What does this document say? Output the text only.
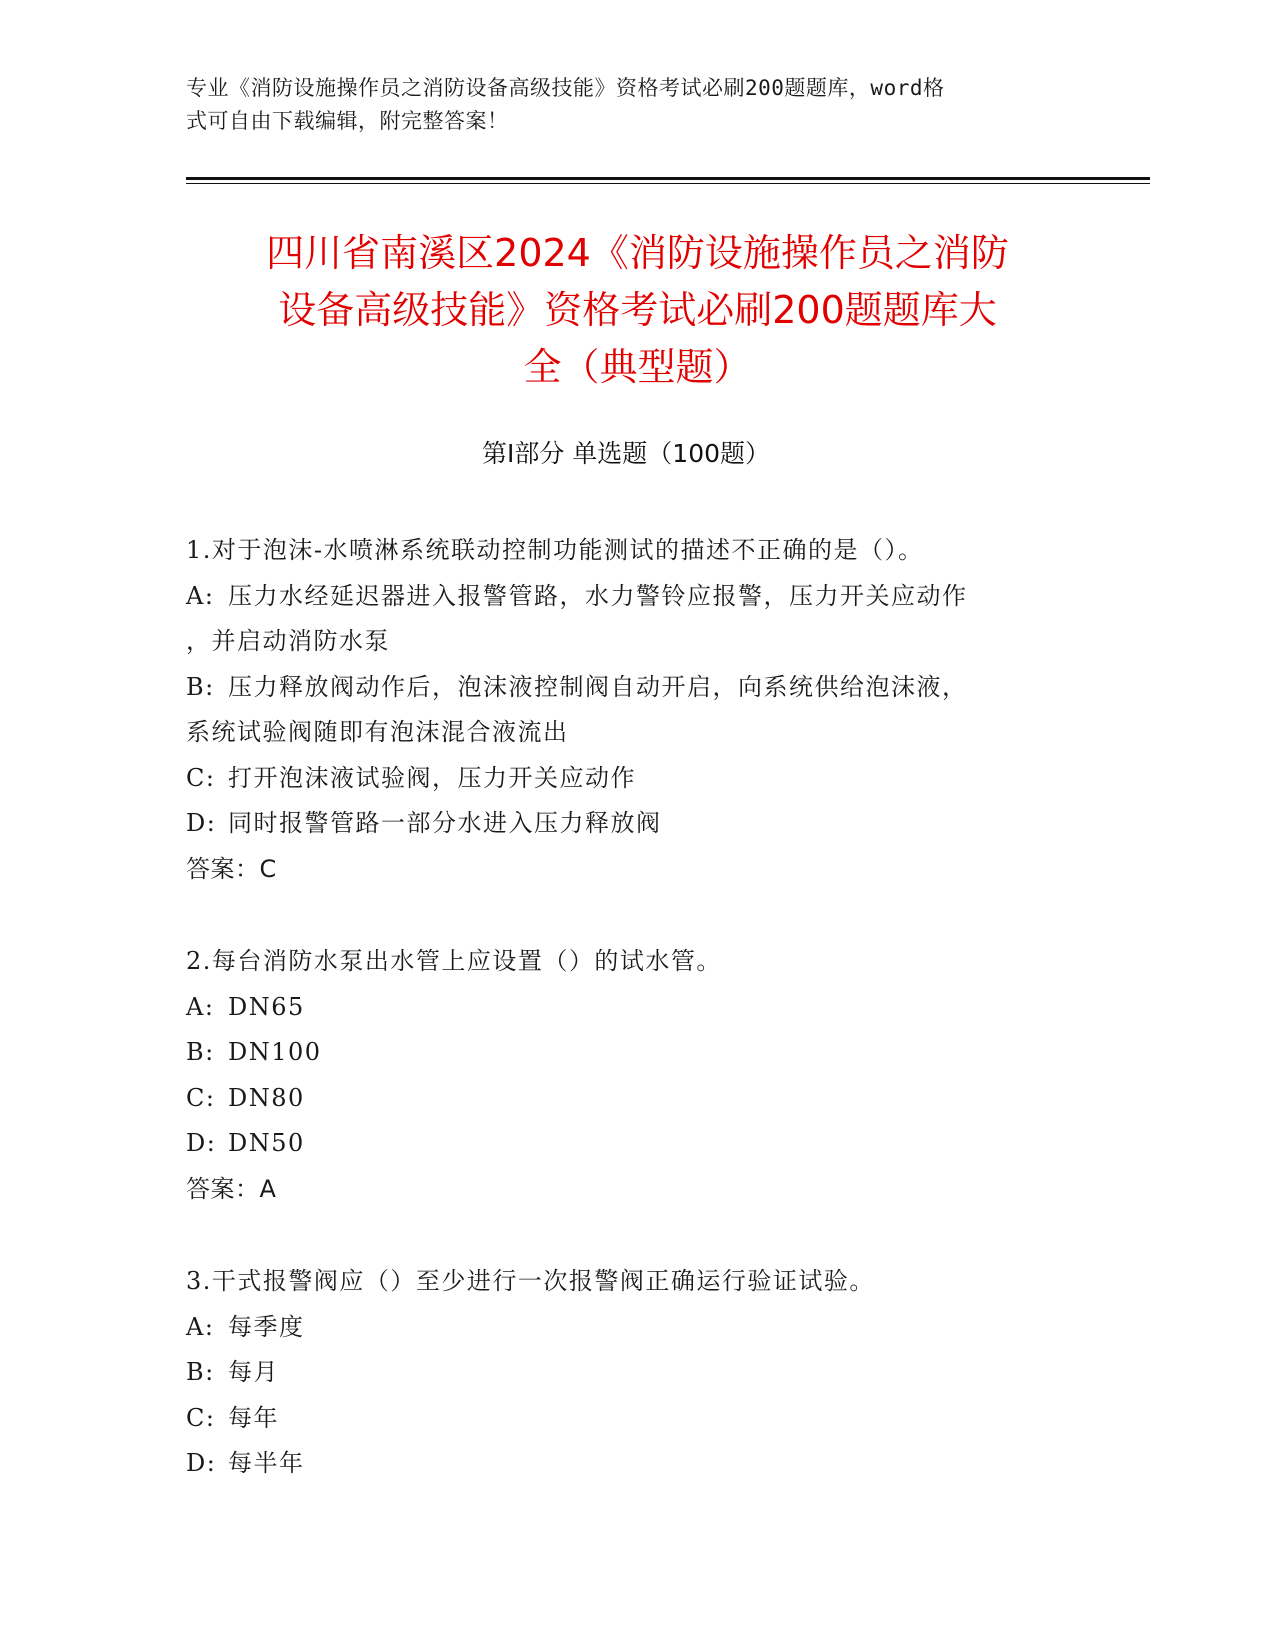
专业《消防设施操作员之消防设备高级技能》资格考试必刷200题题库，word格
式可自由下载编辑，附完整答案！
四川省南溪区2024《消防设施操作员之消防
设备高级技能》资格考试必刷200题题库大
全（典型题）
第Ⅰ部分 单选题（100题）
1.对于泡沫-水喷淋系统联动控制功能测试的描述不正确的是（）。
A: 压力水经延迟器进入报警管路，水力警铃应报警，压力开关应动作
，并启动消防水泵
B: 压力释放阀动作后，泡沫液控制阀自动开启，向系统供给泡沫液，
系统试验阀随即有泡沫混合液流出
C: 打开泡沫液试验阀，压力开关应动作
D: 同时报警管路一部分水进入压力释放阀
答案：C
2.每台消防水泵出水管上应设置（）的试水管。
A: DN65
B: DN100
C: DN80
D: DN50
答案：A
3.干式报警阀应（）至少进行一次报警阀正确运行验证试验。
A: 每季度
B: 每月
C: 每年
D: 每半年
